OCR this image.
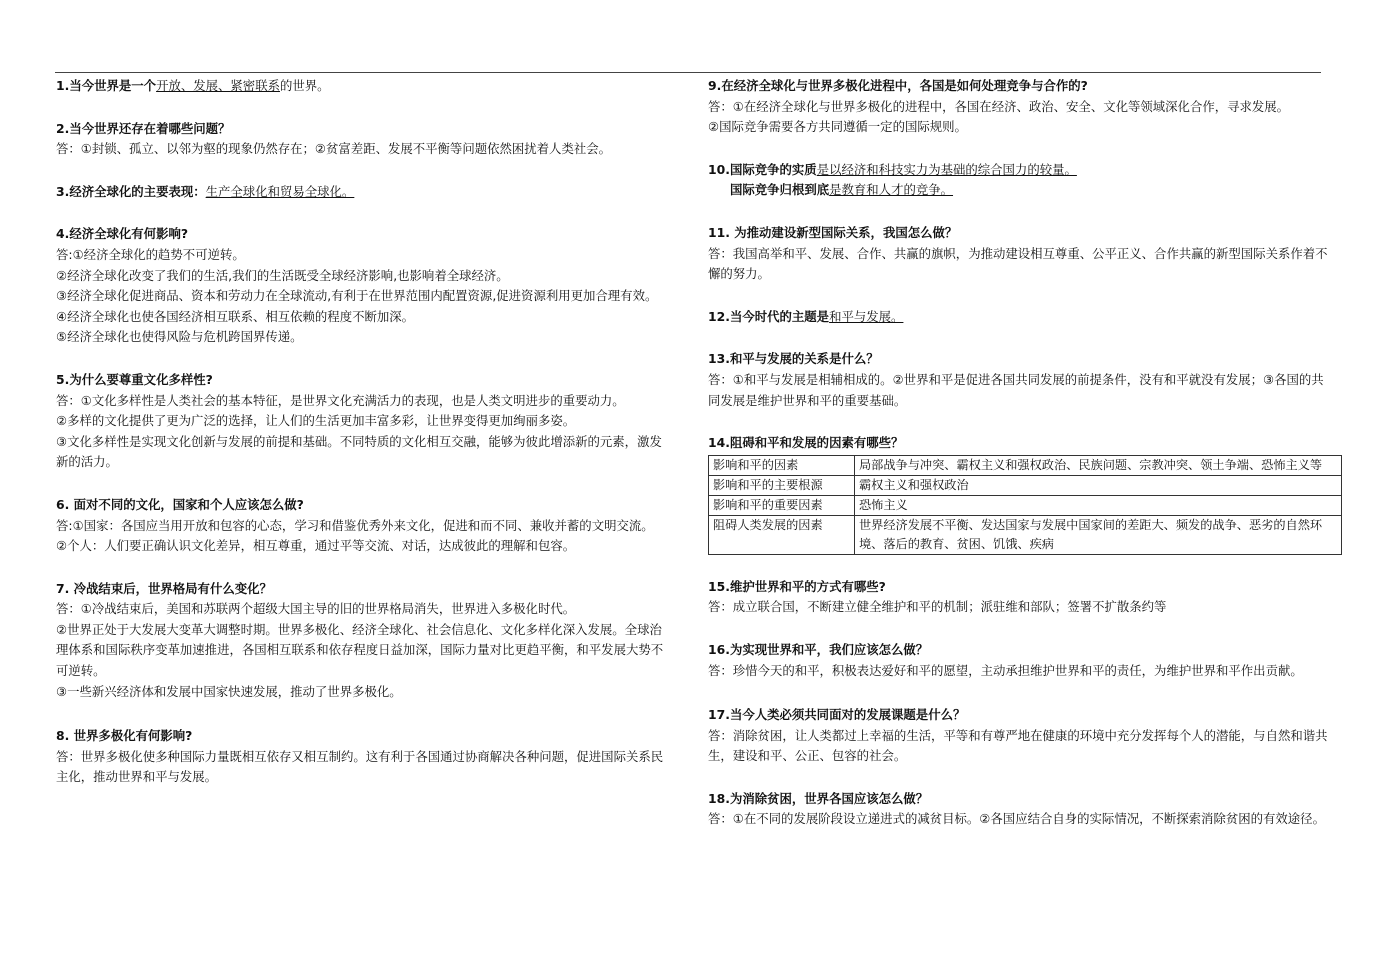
1.当今世界是一个开放、发展、紧密联系的世界。

2.当今世界还存在着哪些问题？

答：①封锁、孤立、以邻为壑的现象仍然存在；②贫富差距、发展不平衡等问题依然困扰着人类社会。

3.经济全球化的主要表现：生产全球化和贸易全球化。

4.经济全球化有何影响?

答:①经济全球化的趋势不可逆转。

②经济全球化改变了我们的生活,我们的生活既受全球经济影响,也影响着全球经济。

③经济全球化促进商品、资本和劳动力在全球流动,有利于在世界范围内配置资源,促进资源利用更加合理有效。

④经济全球化也使各国经济相互联系、相互依赖的程度不断加深。

⑤经济全球化也使得风险与危机跨国界传递。

5.为什么要尊重文化多样性?

答：①文化多样性是人类社会的基本特征，是世界文化充满活力的表现，也是人类文明进步的重要动力。

②多样的文化提供了更为广泛的选择，让人们的生活更加丰富多彩，让世界变得更加绚丽多姿。

③文化多样性是实现文化创新与发展的前提和基础。不同特质的文化相互交融，能够为彼此增添新的元素，激发新的活力。

6. 面对不同的文化，国家和个人应该怎么做?

答:①国家：各国应当用开放和包容的心态，学习和借鉴优秀外来文化，促进和而不同、兼收并蓄的文明交流。

②个人：人们要正确认识文化差异，相互尊重，通过平等交流、对话，达成彼此的理解和包容。

7. 冷战结束后，世界格局有什么变化？

答：①冷战结束后，美国和苏联两个超级大国主导的旧的世界格局消失，世界进入多极化时代。

②世界正处于大发展大变革大调整时期。世界多极化、经济全球化、社会信息化、文化多样化深入发展。全球治理体系和国际秩序变革加速推进，各国相互联系和依存程度日益加深，国际力量对比更趋平衡，和平发展大势不可逆转。

③一些新兴经济体和发展中国家快速发展，推动了世界多极化。

8. 世界多极化有何影响?

答：世界多极化使多种国际力量既相互依存又相互制约。这有利于各国通过协商解决各种问题，促进国际关系民主化，推动世界和平与发展。

9.在经济全球化与世界多极化进程中，各国是如何处理竞争与合作的?

答：①在经济全球化与世界多极化的进程中，各国在经济、政治、安全、文化等领域深化合作，寻求发展。

②国际竞争需要各方共同遵循一定的国际规则。

10.国际竞争的实质是以经济和科技实力为基础的综合国力的较量。

国际竞争归根到底是教育和人才的竞争。

11. 为推动建设新型国际关系，我国怎么做？

答：我国高举和平、发展、合作、共赢的旗帜，为推动建设相互尊重、公平正义、合作共赢的新型国际关系作着不懈的努力。

12.当今时代的主题是和平与发展。

13.和平与发展的关系是什么？

答：①和平与发展是相辅相成的。②世界和平是促进各国共同发展的前提条件，没有和平就没有发展；③各国的共同发展是维护世界和平的重要基础。

14.阻碍和平和发展的因素有哪些？

影响和平的因素	局部战争与冲突、霸权主义和强权政治、民族问题、宗教冲突、领土争端、恐怖主义等
影响和平的主要根源	霸权主义和强权政治
影响和平的重要因素	恐怖主义
阻碍人类发展的因素	世界经济发展不平衡、发达国家与发展中国家间的差距大、频发的战争、恶劣的自然环境、落后的教育、贫困、饥饿、疾病

15.维护世界和平的方式有哪些?

答：成立联合国，不断建立健全维护和平的机制；派驻维和部队；签署不扩散条约等

16.为实现世界和平，我们应该怎么做？

答：珍惜今天的和平，积极表达爱好和平的愿望，主动承担维护世界和平的责任，为维护世界和平作出贡献。

17.当今人类必须共同面对的发展课题是什么？

答：消除贫困，让人类都过上幸福的生活，平等和有尊严地在健康的环境中充分发挥每个人的潜能，与自然和谐共生，建设和平、公正、包容的社会。

18.为消除贫困，世界各国应该怎么做？

答：①在不同的发展阶段设立递进式的减贫目标。②各国应结合自身的实际情况，不断探索消除贫困的有效途径。
